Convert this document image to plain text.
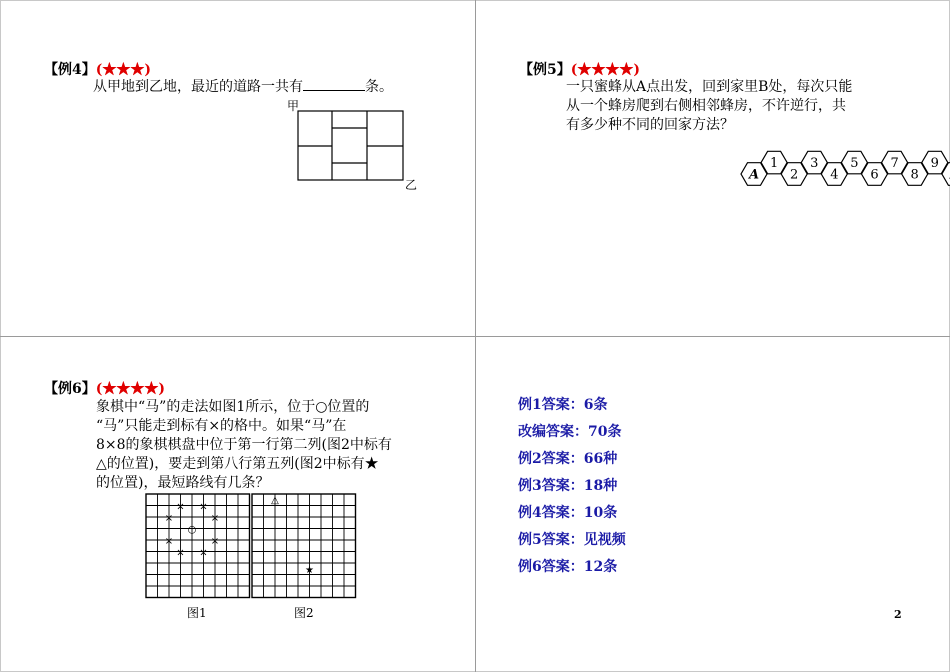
【例4】(★★★)
从甲地到乙地，最近的道路一共有	条。
甲
乙
【例5】(★★★★)
一只蜜蜂从A点出发，回到家里B处，每次只能
从一个蜂房爬到右侧相邻蜂房，不许逆行，共
有多少种不同的回家方法？
A 2 4 6 8
1 3 5 7 9
【例6】(★★★★)
象棋中“马”的走法如图1所示，位于○位置的
“马”只能走到标有×的格中。如果“马”在
8×8的象棋棋盘中位于第一行第二列(图2中标有
△的位置)，要走到第八行第五列(图2中标有★
的位置)，最短路线有几条？
× ×
×	×
○
×	×
× ×
图1
△
★
图2
例1答案：6条
改编答案：70条
例2答案：66种
例3答案：18种
例4答案：10条
例5答案：见视频
例6答案：12条
2
